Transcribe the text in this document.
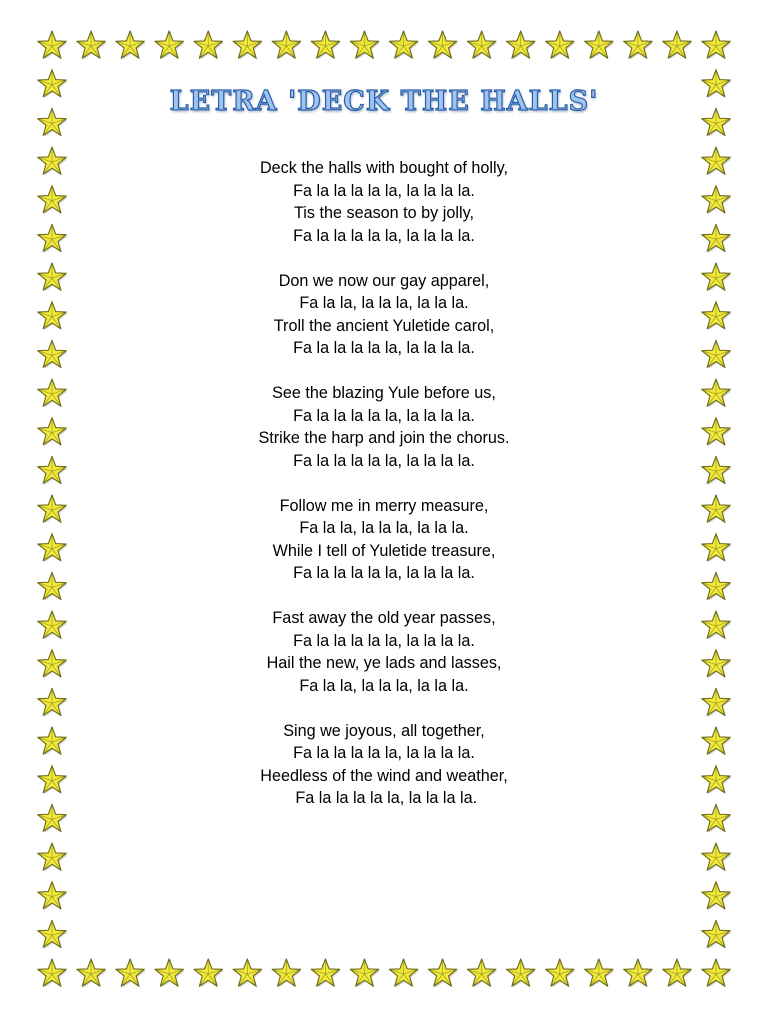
LETRA 'DECK THE HALLS'
Deck the halls with bought of holly,
Fa la la la la la, la la la la.
Tis the season to by jolly,
Fa la la la la la, la la la la.
Don we now our gay apparel,
Fa la la, la la la, la la la.
Troll the ancient Yuletide carol,
Fa la la la la la, la la la la.
See the blazing Yule before us,
Fa la la la la la, la la la la.
Strike the harp and join the chorus.
Fa la la la la la, la la la la.
Follow me in merry measure,
Fa la la, la la la, la la la.
While I tell of Yuletide treasure,
Fa la la la la la, la la la la.
Fast away the old year passes,
Fa la la la la la, la la la la.
Hail the new, ye lads and lasses,
Fa la la, la la la, la la la.
Sing we joyous, all together,
Fa la la la la la, la la la la.
Heedless of the wind and weather,
Fa la la la la la, la la la la.
